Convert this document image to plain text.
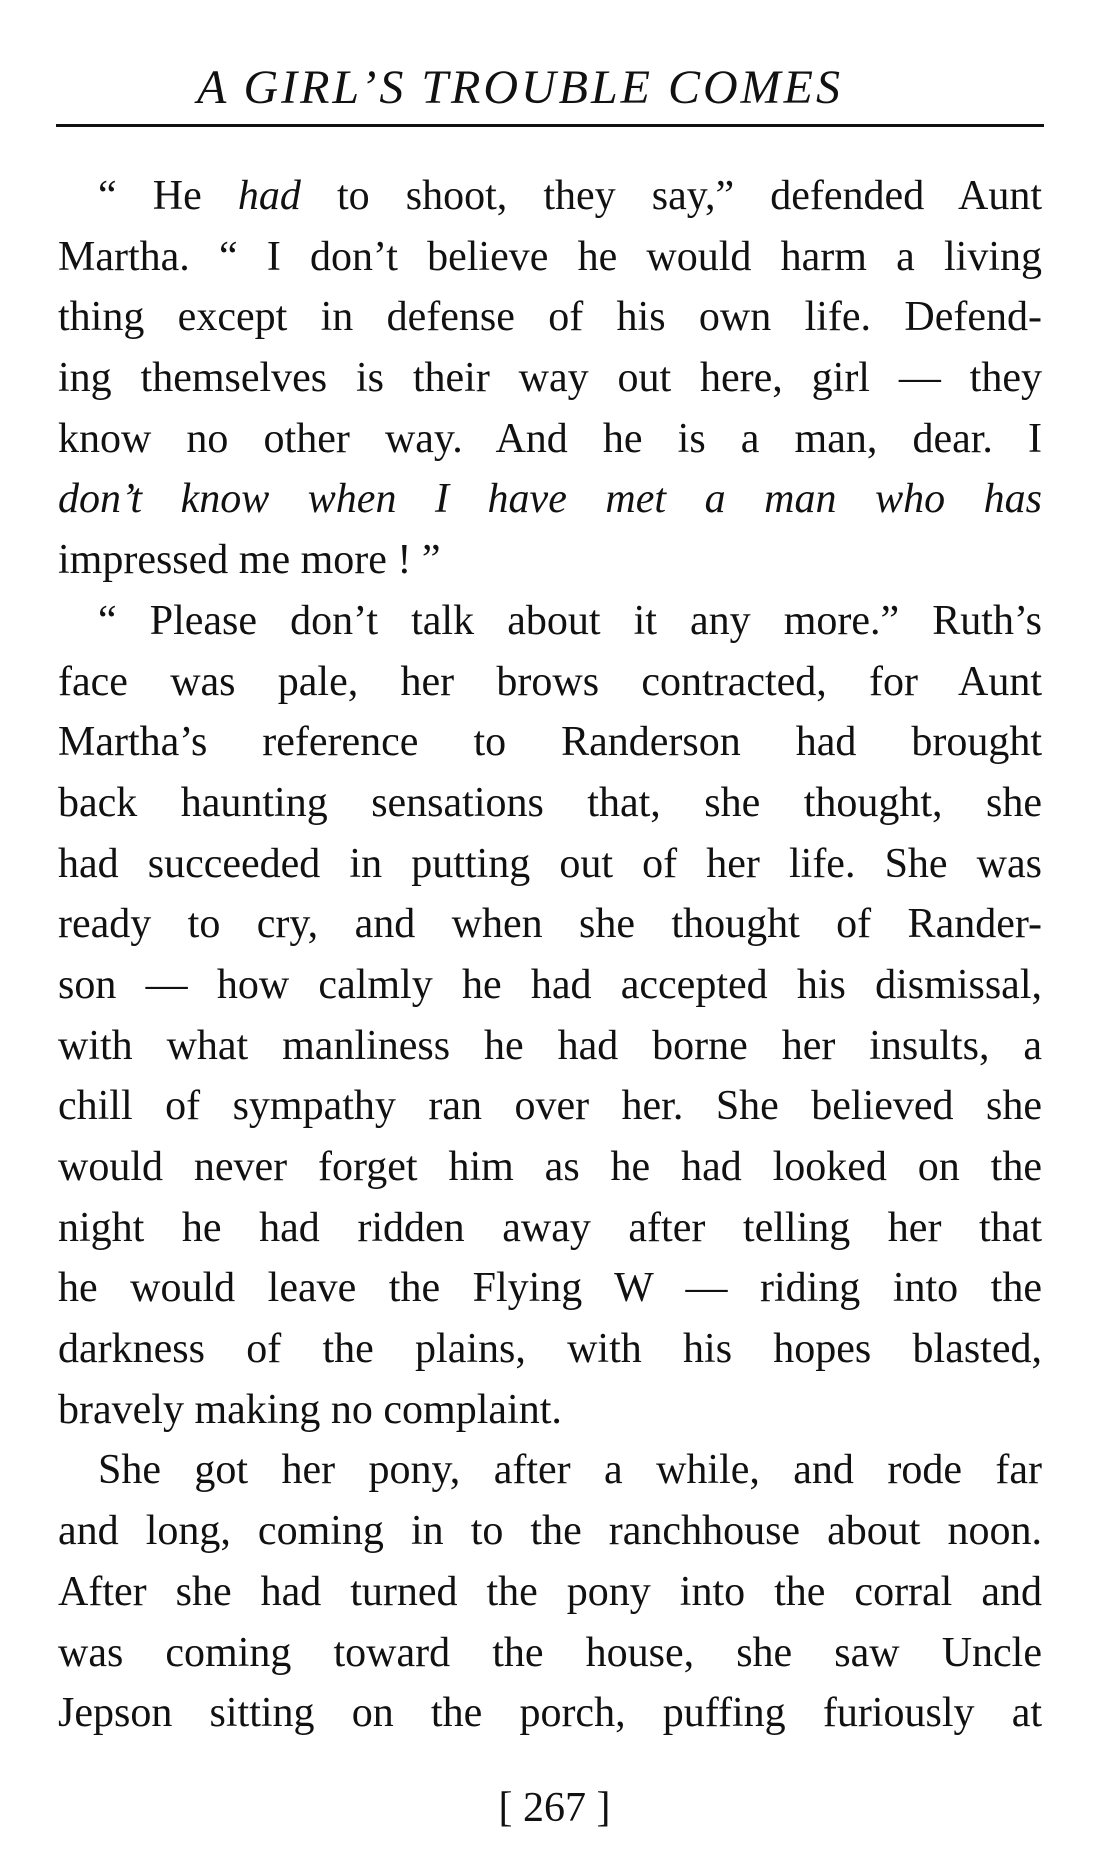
A GIRL’S TROUBLE COMES
“ He had to shoot, they say,” defended Aunt
Martha. “ I don’t believe he would harm a living
thing except in defense of his own life. Defend-
ing themselves is their way out here, girl — they
know no other way. And he is a man, dear. I
don’t know when I have met a man who has
impressed me more ! ”
“ Please don’t talk about it any more.” Ruth’s
face was pale, her brows contracted, for Aunt
Martha’s reference to Randerson had brought
back haunting sensations that, she thought, she
had succeeded in putting out of her life. She was
ready to cry, and when she thought of Rander-
son — how calmly he had accepted his dismissal,
with what manliness he had borne her insults, a
chill of sympathy ran over her. She believed she
would never forget him as he had looked on the
night he had ridden away after telling her that
he would leave the Flying W — riding into the
darkness of the plains, with his hopes blasted,
bravely making no complaint.
She got her pony, after a while, and rode far
and long, coming in to the ranchhouse about noon.
After she had turned the pony into the corral and
was coming toward the house, she saw Uncle
Jepson sitting on the porch, puffing furiously at
[ 267 ]
